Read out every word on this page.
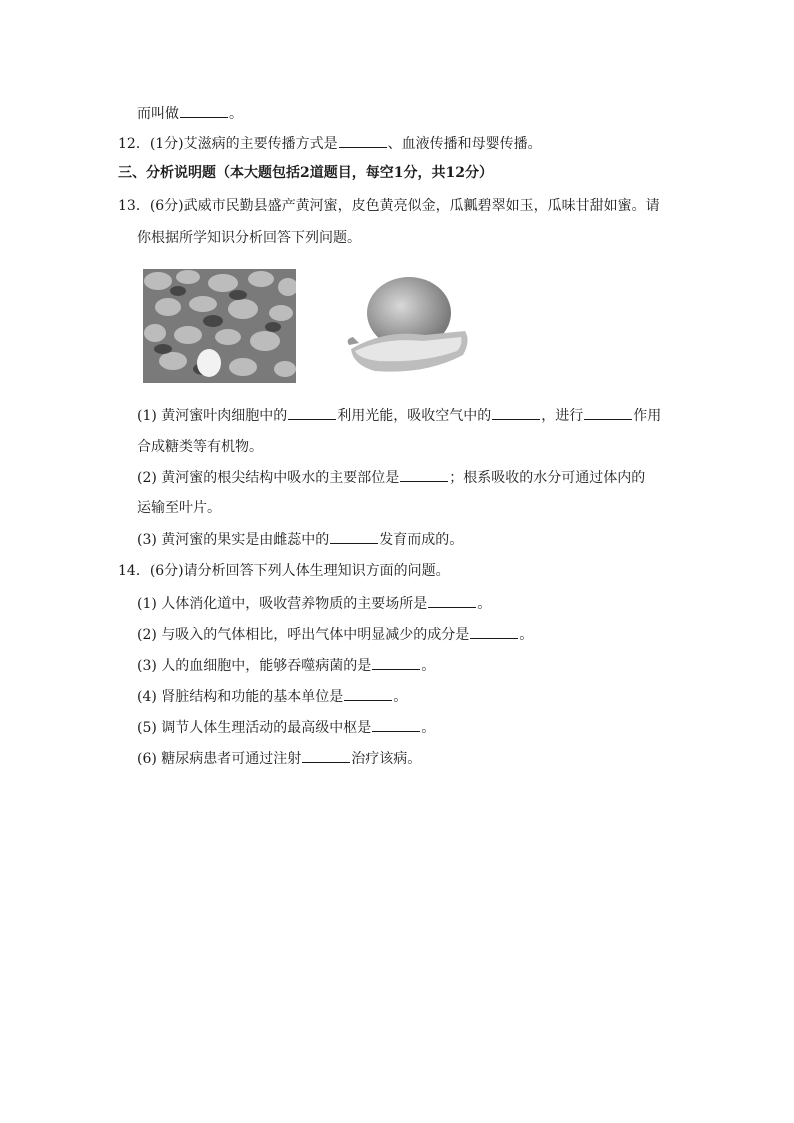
而叫做	。
12．(1分)艾滋病的主要传播方式是	、血液传播和母婴传播。
三、分析说明题（本大题包括2道题目，每空1分，共12分）
13．(6分)武威市民勤县盛产黄河蜜，皮色黄亮似金，瓜瓤碧翠如玉，瓜味甘甜如蜜。请
你根据所学知识分析回答下列问题。
(1) 黄河蜜叶肉细胞中的	利用光能，吸收空气中的	，进行	作用
合成糖类等有机物。
(2) 黄河蜜的根尖结构中吸水的主要部位是	；根系吸收的水分可通过体内的
运输至叶片。
(3) 黄河蜜的果实是由雌蕊中的	发育而成的。
14．(6分)请分析回答下列人体生理知识方面的问题。
(1) 人体消化道中，吸收营养物质的主要场所是	。
(2) 与吸入的气体相比，呼出气体中明显减少的成分是	。
(3) 人的血细胞中，能够吞噬病菌的是	。
(4) 肾脏结构和功能的基本单位是	。
(5) 调节人体生理活动的最高级中枢是	。
(6) 糖尿病患者可通过注射	治疗该病。
